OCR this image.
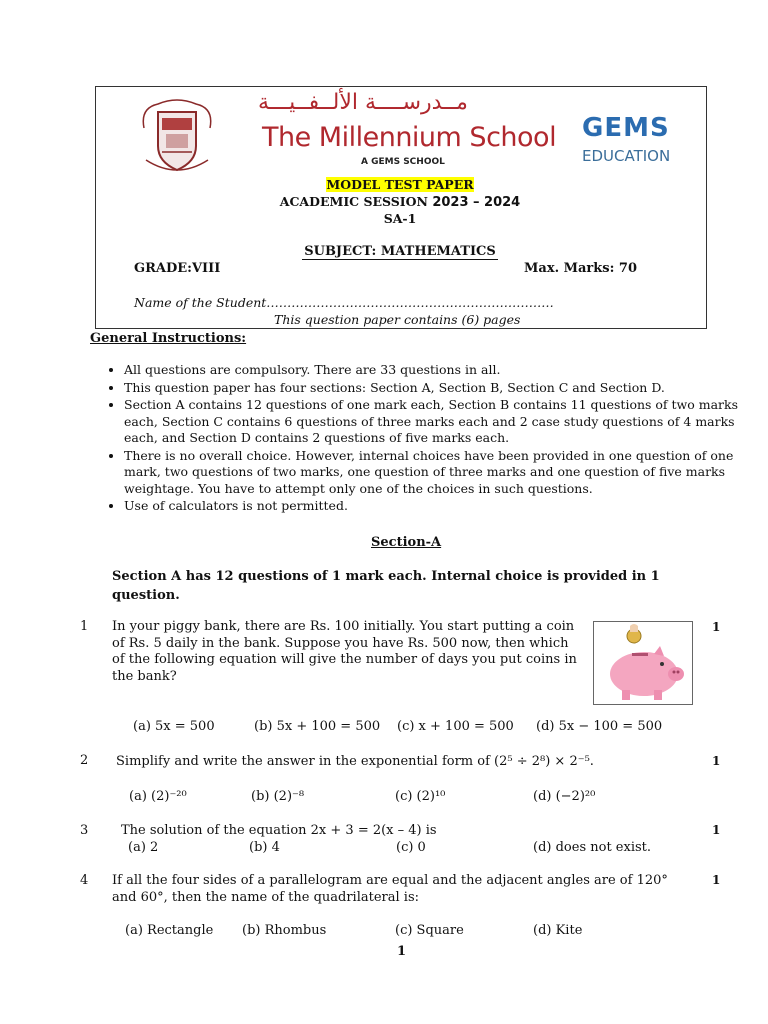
مــدرســــة الألــفــيـــة
The Millennium School
A GEMS SCHOOL
GEMS
EDUCATION
MODEL TEST PAPER
ACADEMIC SESSION 2023 – 2024
SA-1
SUBJECT: MATHEMATICS
GRADE:VIII	Max. Marks: 70
Name of the Student……………………………………………………………
This question paper contains (6) pages
General Instructions:
• All questions are compulsory. There are 33 questions in all.
• This question paper has four sections: Section A, Section B, Section C and Section D.
• Section A contains 12 questions of one mark each, Section B contains 11 questions of two marks each, Section C contains 6 questions of three marks each and 2 case study questions of 4 marks each, and Section D contains 2 questions of five marks each.
• There is no overall choice. However, internal choices have been provided in one question of one mark, two questions of two marks, one question of three marks and one question of five marks weightage. You have to attempt only one of the choices in such questions.
• Use of calculators is not permitted.
Section-A
Section A has 12 questions of 1 mark each. Internal choice is provided in 1 question.
1 In your piggy bank, there are Rs. 100 initially. You start putting a coin of Rs. 5 daily in the bank. Suppose you have Rs. 500 now, then which of the following equation will give the number of days you put coins in the bank?
1
(a) 5x = 500	(b) 5x + 100 = 500 (c) x + 100 = 500 (d) 5x − 100 = 500
2 Simplify and write the answer in the exponential form of (2⁵ ÷ 2⁸) × 2⁻⁵.	1
(a) (2)⁻²⁰	(b) (2)⁻⁸	(c) (2)¹⁰	(d) (−2)²⁰
3	The solution of the equation 2x + 3 = 2(x – 4) is	1
(a) 2	(b) 4	(c) 0	(d) does not exist.
4 If all the four sides of a parallelogram are equal and the adjacent angles are of 120° and 60°, then the name of the quadrilateral is:
1
(a) Rectangle (b) Rhombus	(c) Square	(d) Kite
1
